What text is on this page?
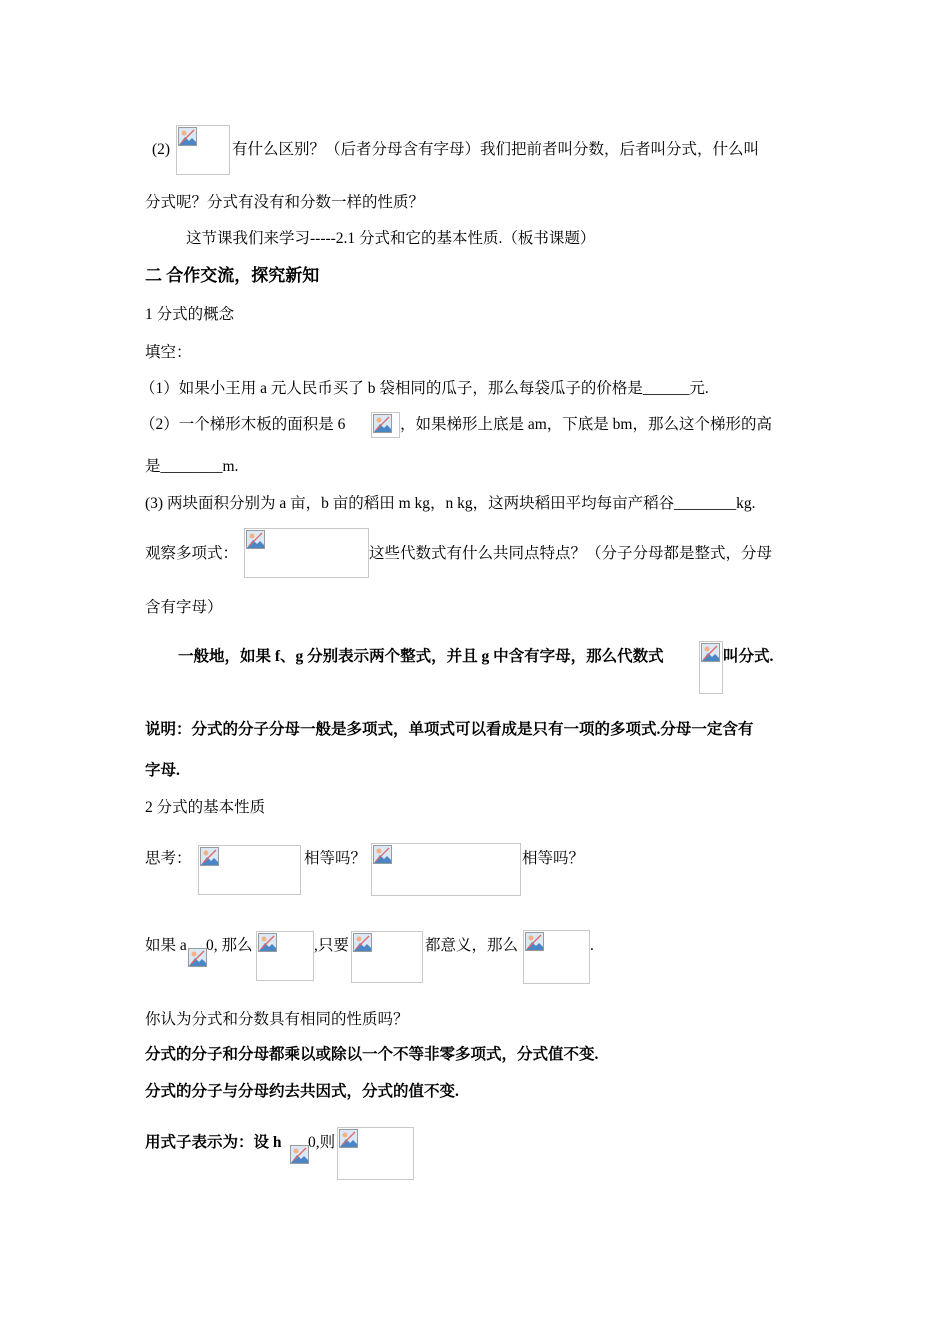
(2)	有什么区别？（后者分母含有字母）我们把前者叫分数，后者叫分式，什么叫
分式呢？分式有没有和分数一样的性质？
这节课我们来学习-----2.1 分式和它的基本性质.（板书课题）
二 合作交流，探究新知
1 分式的概念
填空：
（1）如果小王用 a 元人民币买了 b 袋相同的瓜子，那么每袋瓜子的价格是______元.
（2）一个梯形木板的面积是 6	，如果梯形上底是 am，下底是 bm，那么这个梯形的高
是________m.
(3) 两块面积分别为 a 亩，b 亩的稻田 m kg，n kg，这两块稻田平均每亩产稻谷________kg.
观察多项式：	这些代数式有什么共同点特点？（分子分母都是整式，分母
含有字母）
一般地，如果 f、g 分别表示两个整式，并且 g 中含有字母，那么代数式	叫分式.
说明：分式的分子分母一般是多项式，单项式可以看成是只有一项的多项式.分母一定含有
字母.
2 分式的基本性质
思考：	相等吗？	相等吗？
如果 a 0, 那么	,只要	都意义，那么	.
你认为分式和分数具有相同的性质吗？
分式的分子和分母都乘以或除以一个不等非零多项式，分式值不变.
分式的分子与分母约去共因式，分式的值不变.
用式子表示为：设 h 0,则
